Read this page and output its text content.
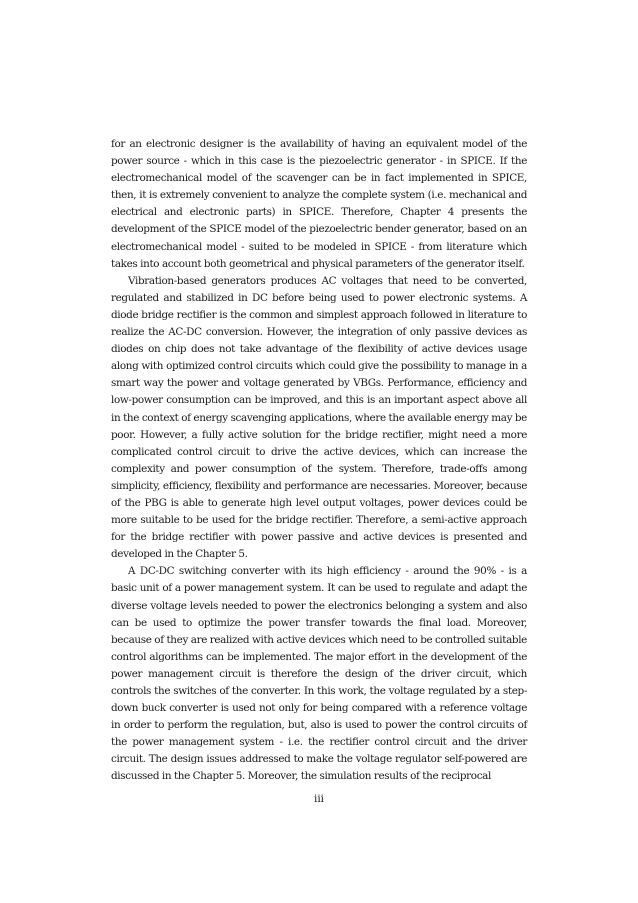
for an electronic designer is the availability of having an equivalent model of the power source - which in this case is the piezoelectric generator - in SPICE. If the electromechanical model of the scavenger can be in fact implemented in SPICE, then, it is extremely convenient to analyze the complete system (i.e. mechanical and electrical and electronic parts) in SPICE. Therefore, Chapter 4 presents the development of the SPICE model of the piezoelectric bender generator, based on an electromechanical model - suited to be modeled in SPICE - from literature which takes into account both geometrical and physical parameters of the generator itself.

Vibration-based generators produces AC voltages that need to be converted, regulated and stabilized in DC before being used to power electronic systems. A diode bridge rectifier is the common and simplest approach followed in literature to realize the AC-DC conversion. However, the integration of only passive devices as diodes on chip does not take advantage of the flexibility of active devices usage along with optimized control circuits which could give the possibility to manage in a smart way the power and voltage generated by VBGs. Performance, efficiency and low-power consumption can be improved, and this is an important aspect above all in the context of energy scavenging applications, where the available energy may be poor. However, a fully active solution for the bridge rectifier, might need a more complicated control circuit to drive the active devices, which can increase the complexity and power consumption of the system. Therefore, trade-offs among simplicity, efficiency, flexibility and performance are necessaries. Moreover, because of the PBG is able to generate high level output voltages, power devices could be more suitable to be used for the bridge rectifier. Therefore, a semi-active approach for the bridge rectifier with power passive and active devices is presented and developed in the Chapter 5.

A DC-DC switching converter with its high efficiency - around the 90% - is a basic unit of a power management system. It can be used to regulate and adapt the diverse voltage levels needed to power the electronics belonging a system and also can be used to optimize the power transfer towards the final load. Moreover, because of they are realized with active devices which need to be controlled suitable control algorithms can be implemented. The major effort in the development of the power management circuit is therefore the design of the driver circuit, which controls the switches of the converter. In this work, the voltage regulated by a step-down buck converter is used not only for being compared with a reference voltage in order to perform the regulation, but, also is used to power the control circuits of the power management system - i.e. the rectifier control circuit and the driver circuit. The design issues addressed to make the voltage regulator self-powered are discussed in the Chapter 5. Moreover, the simulation results of the reciprocal

iii
